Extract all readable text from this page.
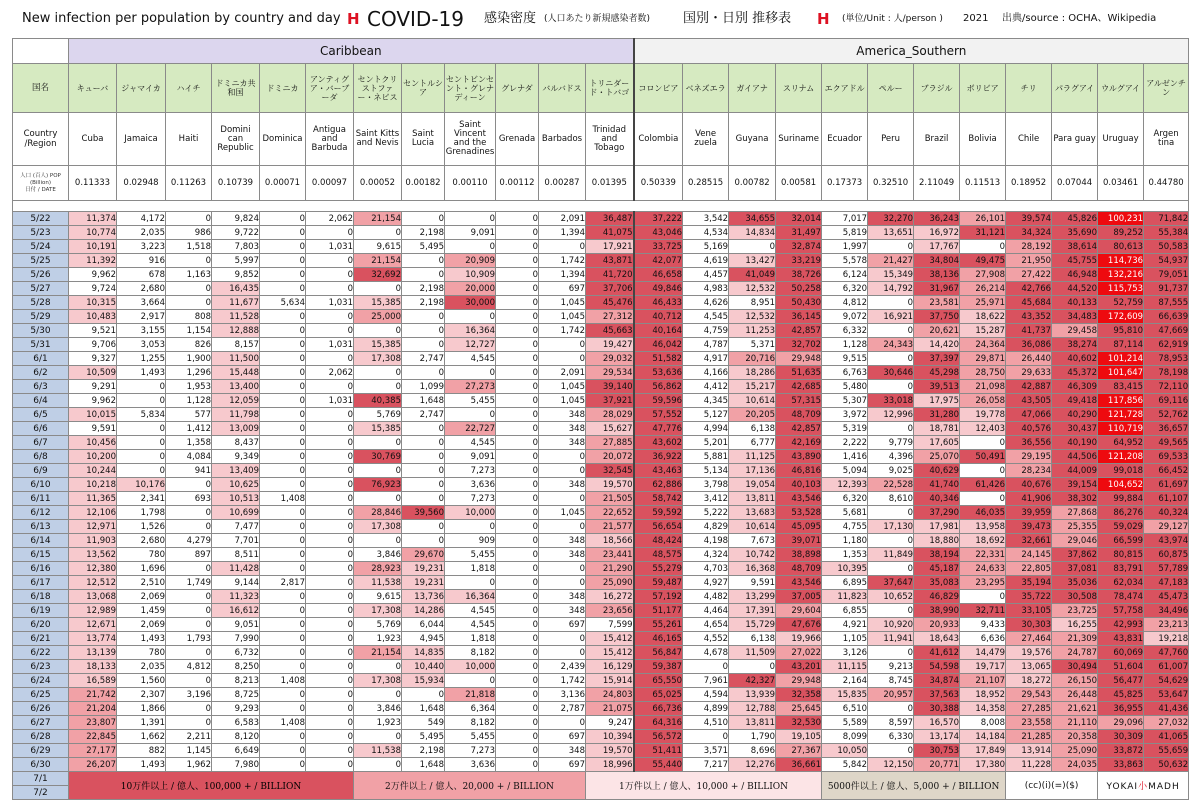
New infection per population by country and day H COVID-19 感染密度 (人口あたり新規感染者数)	国別・日別 推移表 H (単位/Unit : 人/person ) 2021 出典/source : OCHA、Wikipedia
	Caribbean												America_Southern											
国名	キューバ	ジャマイカ	ハイチ	ドミニカ共和国	ドミニカ	アンティグア・バーブーダ	セントクリストファー・ネビス	セントルシア	セントビンセント・グレナディーン	グレナダ	バルバドス	トリニダード・トバゴ	コロンビア	ベネズエラ	ガイアナ	スリナム	エクアドル	ペルー	ブラジル	ボリビア	チリ	パラグアイ	ウルグアイ	アルゼンチン
Country /Region	Cuba	Jamaica	Haiti	Domini can Republic	Dominica	Antigua and Barbuda	Saint Kitts and Nevis	Saint Lucia	Saint Vincent and the Grenadines	Grenada	Barbados	Trinidad and Tobago	Colombia	Vene zuela	Guyana	Suriname	Ecuador	Peru	Brazil	Bolivia	Chile	Para guay	Uruguay	Argen tina

人口 (百人) POP (Billion)
日付 / DATE	0.11333	0.02948	0.11263	0.10739	0.00071	0.00097	0.00052	0.00182	0.00110	0.00112	0.00287	0.01395	0.50339	0.28515	0.00782	0.00581	0.17373	0.32510	2.11049	0.11513	0.18952	0.07044	0.03461	0.44780

5/22	11,374	4,172	0	9,824	0	2,062	21,154	0	0	0	2,091	36,487	37,222	3,542	34,655	32,014	7,017	32,270	36,243	26,101	39,574	45,826	100,231	71,842
5/23	10,774	2,035	986	9,722	0	0	0	2,198	9,091	0	1,394	41,075	43,046	4,534	14,834	31,497	5,819	13,651	16,972	31,121	34,324	35,690	89,252	55,384
5/24	10,191	3,223	1,518	7,803	0	1,031	9,615	5,495	0	0	0	17,921	33,725	5,169	0	32,874	1,997	0	17,767	0	28,192	38,614	80,613	50,583
5/25	11,392	916	0	5,997	0	0	21,154	0	20,909	0	1,742	43,871	42,077	4,619	13,427	33,219	5,578	21,427	34,804	49,475	21,950	45,755	114,736	54,937
5/26	9,962	678	1,163	9,852	0	0	32,692	0	10,909	0	1,394	41,720	46,658	4,457	41,049	38,726	6,124	15,349	38,136	27,908	27,422	46,948	132,216	79,051
5/27	9,724	2,680	0	16,435	0	0	0	2,198	20,000	0	697	37,706	49,846	4,983	12,532	50,258	6,320	14,792	31,967	26,214	42,766	44,520	115,753	91,737
5/28	10,315	3,664	0	11,677	5,634	1,031	15,385	2,198	30,000	0	1,045	45,476	46,433	4,626	8,951	50,430	4,812	0	23,581	25,971	45,684	40,133	52,759	87,555
5/29	10,483	2,917	808	11,528	0	0	25,000	0	0	0	1,045	27,312	40,712	4,545	12,532	36,145	9,072	16,921	37,750	18,622	43,352	34,483	172,609	66,639
5/30	9,521	3,155	1,154	12,888	0	0	0	0	16,364	0	1,742	45,663	40,164	4,759	11,253	42,857	6,332	0	20,621	15,287	41,737	29,458	95,810	47,669
5/31	9,706	3,053	826	8,157	0	1,031	15,385	0	12,727	0	0	19,427	46,042	4,787	5,371	32,702	1,128	24,343	14,420	24,364	36,086	38,274	87,114	62,919
6/1	9,327	1,255	1,900	11,500	0	0	17,308	2,747	4,545	0	0	29,032	51,582	4,917	20,716	29,948	9,515	0	37,397	29,871	26,440	40,602	101,214	78,953
6/2	10,509	1,493	1,296	15,448	0	2,062	0	0	0	0	2,091	29,534	53,636	4,166	18,286	51,635	6,763	30,646	45,298	28,750	29,633	45,372	101,647	78,198
6/3	9,291	0	1,953	13,400	0	0	0	1,099	27,273	0	1,045	39,140	56,862	4,412	15,217	42,685	5,480	0	39,513	21,098	42,887	46,309	83,415	72,110
6/4	9,962	0	1,128	12,059	0	1,031	40,385	1,648	5,455	0	1,045	37,921	59,596	4,345	10,614	57,315	5,307	33,018	17,975	26,058	43,505	49,418	117,856	69,116
6/5	10,015	5,834	577	11,798	0	0	5,769	2,747	0	0	348	28,029	57,552	5,127	20,205	48,709	3,972	12,996	31,280	19,778	47,066	40,290	121,728	52,762
6/6	9,591	0	1,412	13,009	0	0	15,385	0	22,727	0	348	15,627	47,776	4,994	6,138	42,857	5,319	0	18,781	12,403	40,576	30,437	110,719	36,657
6/7	10,456	0	1,358	8,437	0	0	0	0	4,545	0	348	27,885	43,602	5,201	6,777	42,169	2,222	9,779	17,605	0	36,556	40,190	64,952	49,565
6/8	10,200	0	4,084	9,349	0	0	30,769	0	9,091	0	0	20,072	36,922	5,881	11,125	43,890	1,416	4,396	25,070	50,491	29,195	44,506	121,208	69,533
6/9	10,244	0	941	13,409	0	0	0	0	7,273	0	0	32,545	43,463	5,134	17,136	46,816	5,094	9,025	40,629	0	28,234	44,009	99,018	66,452
6/10	10,218	10,176	0	10,625	0	0	76,923	0	3,636	0	348	19,570	62,886	3,798	19,054	40,103	12,393	22,528	41,740	61,426	40,676	39,154	104,652	61,697
6/11	11,365	2,341	693	10,513	1,408	0	0	0	7,273	0	0	21,505	58,742	3,412	13,811	43,546	6,320	8,610	40,346	0	41,906	38,302	99,884	61,107
6/12	12,106	1,798	0	10,699	0	0	28,846	39,560	10,000	0	1,045	22,652	59,592	5,222	13,683	53,528	5,681	0	37,290	46,035	39,959	27,868	86,276	40,324
6/13	12,971	1,526	0	7,477	0	0	17,308	0	0	0	0	21,577	56,654	4,829	10,614	45,095	4,755	17,130	17,981	13,958	39,473	25,355	59,029	29,127
6/14	11,903	2,680	4,279	7,701	0	0	0	0	909	0	348	18,566	48,424	4,198	7,673	39,071	1,180	0	18,880	18,692	32,661	29,046	66,599	43,974
6/15	13,562	780	897	8,511	0	0	3,846	29,670	5,455	0	348	23,441	48,575	4,324	10,742	38,898	1,353	11,849	38,194	22,331	24,145	37,862	80,815	60,875
6/16	12,380	1,696	0	11,428	0	0	28,923	19,231	1,818	0	0	21,290	55,279	4,703	16,368	48,709	10,395	0	45,187	24,633	22,805	37,081	83,791	57,789
6/17	12,512	2,510	1,749	9,144	2,817	0	11,538	19,231	0	0	0	25,090	59,487	4,927	9,591	43,546	6,895	37,647	35,083	23,295	35,194	35,036	62,034	47,183
6/18	13,068	2,069	0	11,323	0	0	9,615	13,736	16,364	0	348	16,272	57,192	4,482	13,299	37,005	11,823	10,652	46,829	0	35,722	30,508	78,474	45,473
6/19	12,989	1,459	0	16,612	0	0	17,308	14,286	4,545	0	348	23,656	51,177	4,464	17,391	29,604	6,855	0	38,990	32,711	33,105	23,725	57,758	34,496
6/20	12,671	2,069	0	9,051	0	0	5,769	6,044	4,545	0	697	7,599	55,261	4,654	15,729	47,676	4,921	10,920	20,933	9,433	30,303	16,255	42,993	23,213
6/21	13,774	1,493	1,793	7,990	0	0	1,923	4,945	1,818	0	0	15,412	46,165	4,552	6,138	19,966	1,105	11,941	18,643	6,636	27,464	21,309	43,831	19,218
6/22	13,139	780	0	6,732	0	0	21,154	14,835	8,182	0	0	15,412	56,847	4,678	11,509	27,022	3,126	0	41,612	14,479	19,576	24,787	60,069	47,760
6/23	18,133	2,035	4,812	8,250	0	0	0	10,440	10,000	0	2,439	16,129	59,387	0	0	43,201	11,115	9,213	54,598	19,717	13,065	30,494	51,604	61,007
6/24	16,589	1,560	0	8,213	1,408	0	17,308	15,934	0	0	1,742	15,914	65,550	7,961	42,327	29,948	2,164	8,745	34,874	21,107	18,272	26,150	56,477	54,629
6/25	21,742	2,307	3,196	8,725	0	0	0	0	21,818	0	3,136	24,803	65,025	4,594	13,939	32,358	15,835	20,957	37,563	18,952	29,543	26,448	45,825	53,647
6/26	21,204	1,866	0	9,293	0	0	3,846	1,648	6,364	0	2,787	21,075	66,736	4,899	12,788	25,645	6,510	0	30,388	14,358	27,285	21,621	36,955	41,436
6/27	23,807	1,391	0	6,583	1,408	0	1,923	549	8,182	0	0	9,247	64,316	4,510	13,811	32,530	5,589	8,597	16,570	8,008	23,558	21,110	29,096	27,032
6/28	22,845	1,662	2,211	8,120	0	0	0	5,495	5,455	0	697	10,394	56,572	0	1,790	19,105	8,099	6,330	13,174	14,184	21,285	20,358	30,309	41,065
6/29	27,177	882	1,145	6,649	0	0	11,538	2,198	7,273	0	348	19,570	51,411	3,571	8,696	27,367	10,050	0	30,753	17,849	13,914	25,090	33,872	55,659
6/30	26,207	1,493	1,962	7,980	0	0	0	1,648	3,636	0	697	18,996	55,440	7,217	12,276	36,661	5,842	12,150	20,771	17,380	11,228	24,035	33,863	50,632
7/1	10万件以上 / 億人、100,000 + / BILLION						2万件以上 / 億人、20,000 + / BILLION					1万件以上 / 億人、10,000 + / BILLION					5000件以上 / 億人、5,000 + / BILLION				(cc)(i)(=)($)		YOKAI小MADH	
7/2																								
